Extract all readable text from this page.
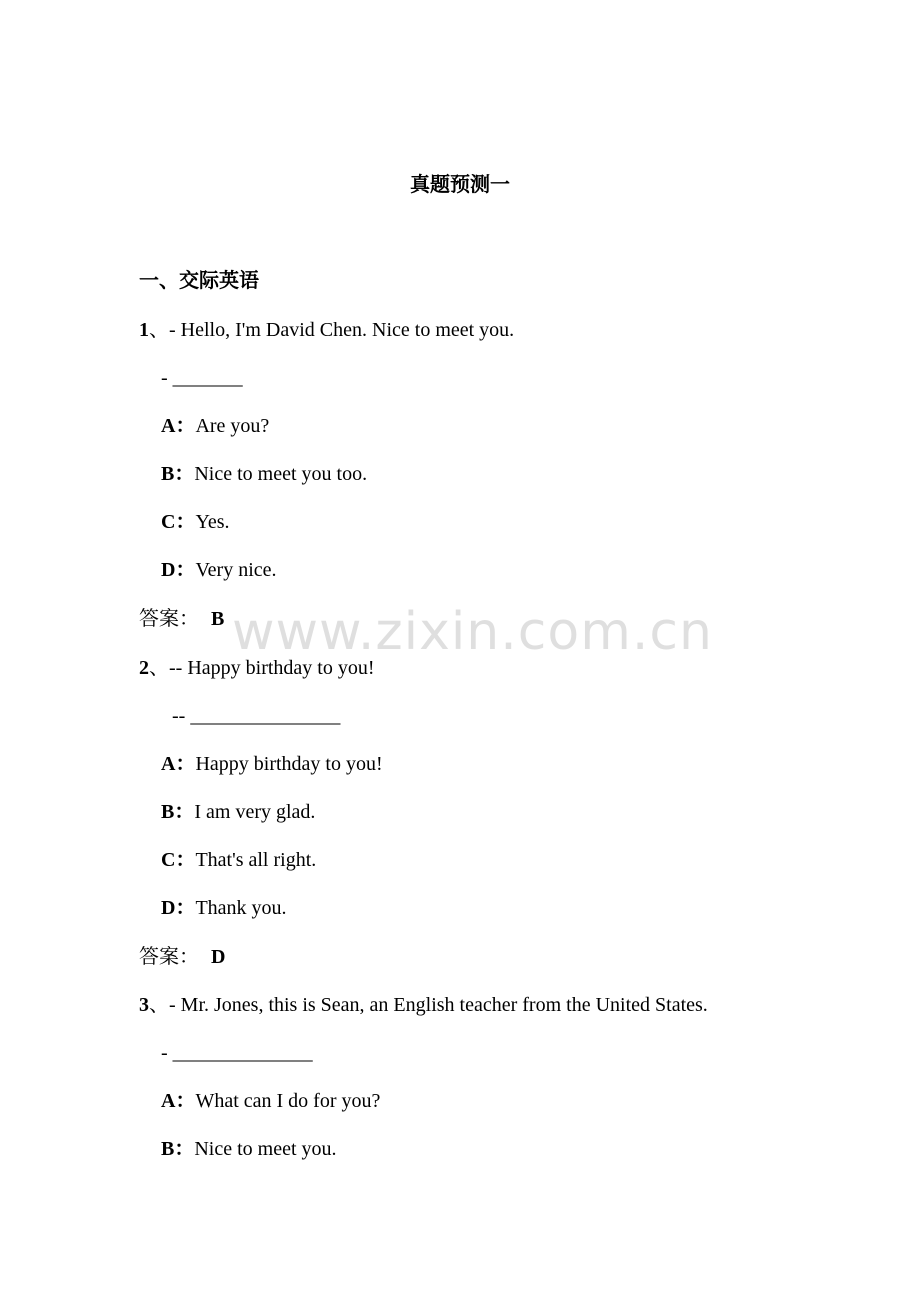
真题预测一
一、交际英语
1、- Hello, I'm David Chen. Nice to meet you.
- _______
A：Are you?
B：Nice to meet you too.
C：Yes.
D：Very nice.
答案： B
2、-- Happy birthday to you!
-- _______________
A：Happy birthday to you!
B：I am very glad.
C：That's all right.
D：Thank you.
答案： D
3、- Mr. Jones, this is Sean, an English teacher from the United States.
- ______________
A：What can I do for you?
B：Nice to meet you.
www.zixin.com.cn
